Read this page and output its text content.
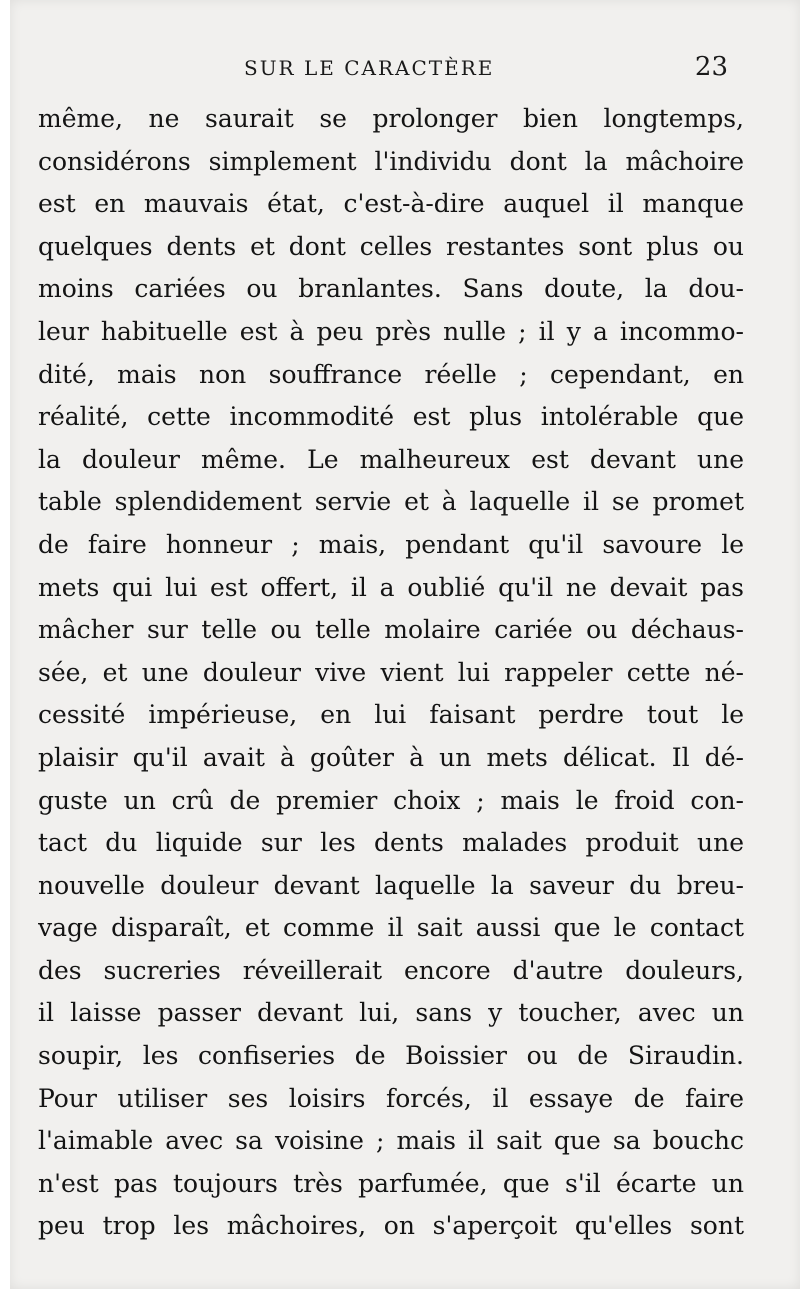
SUR LE CARACTÈRE	23
même, ne saurait se prolonger bien longtemps,
considérons simplement l'individu dont la mâchoire
est en mauvais état, c'est-à-dire auquel il manque
quelques dents et dont celles restantes sont plus ou
moins cariées ou branlantes. Sans doute, la dou-
leur habituelle est à peu près nulle ; il y a incommo-
dité, mais non souffrance réelle ; cependant, en
réalité, cette incommodité est plus intolérable que
la douleur même. Le malheureux est devant une
table splendidement servie et à laquelle il se promet
de faire honneur ; mais, pendant qu'il savoure le
mets qui lui est offert, il a oublié qu'il ne devait pas
mâcher sur telle ou telle molaire cariée ou déchaus-
sée, et une douleur vive vient lui rappeler cette né-
cessité impérieuse, en lui faisant perdre tout le
plaisir qu'il avait à goûter à un mets délicat. Il dé-
guste un crû de premier choix ; mais le froid con-
tact du liquide sur les dents malades produit une
nouvelle douleur devant laquelle la saveur du breu-
vage disparaît, et comme il sait aussi que le contact
des sucreries réveillerait encore d'autre douleurs,
il laisse passer devant lui, sans y toucher, avec un
soupir, les confiseries de Boissier ou de Siraudin.
Pour utiliser ses loisirs forcés, il essaye de faire
l'aimable avec sa voisine ; mais il sait que sa bouchc
n'est pas toujours très parfumée, que s'il écarte un
peu trop les mâchoires, on s'aperçoit qu'elles sont
